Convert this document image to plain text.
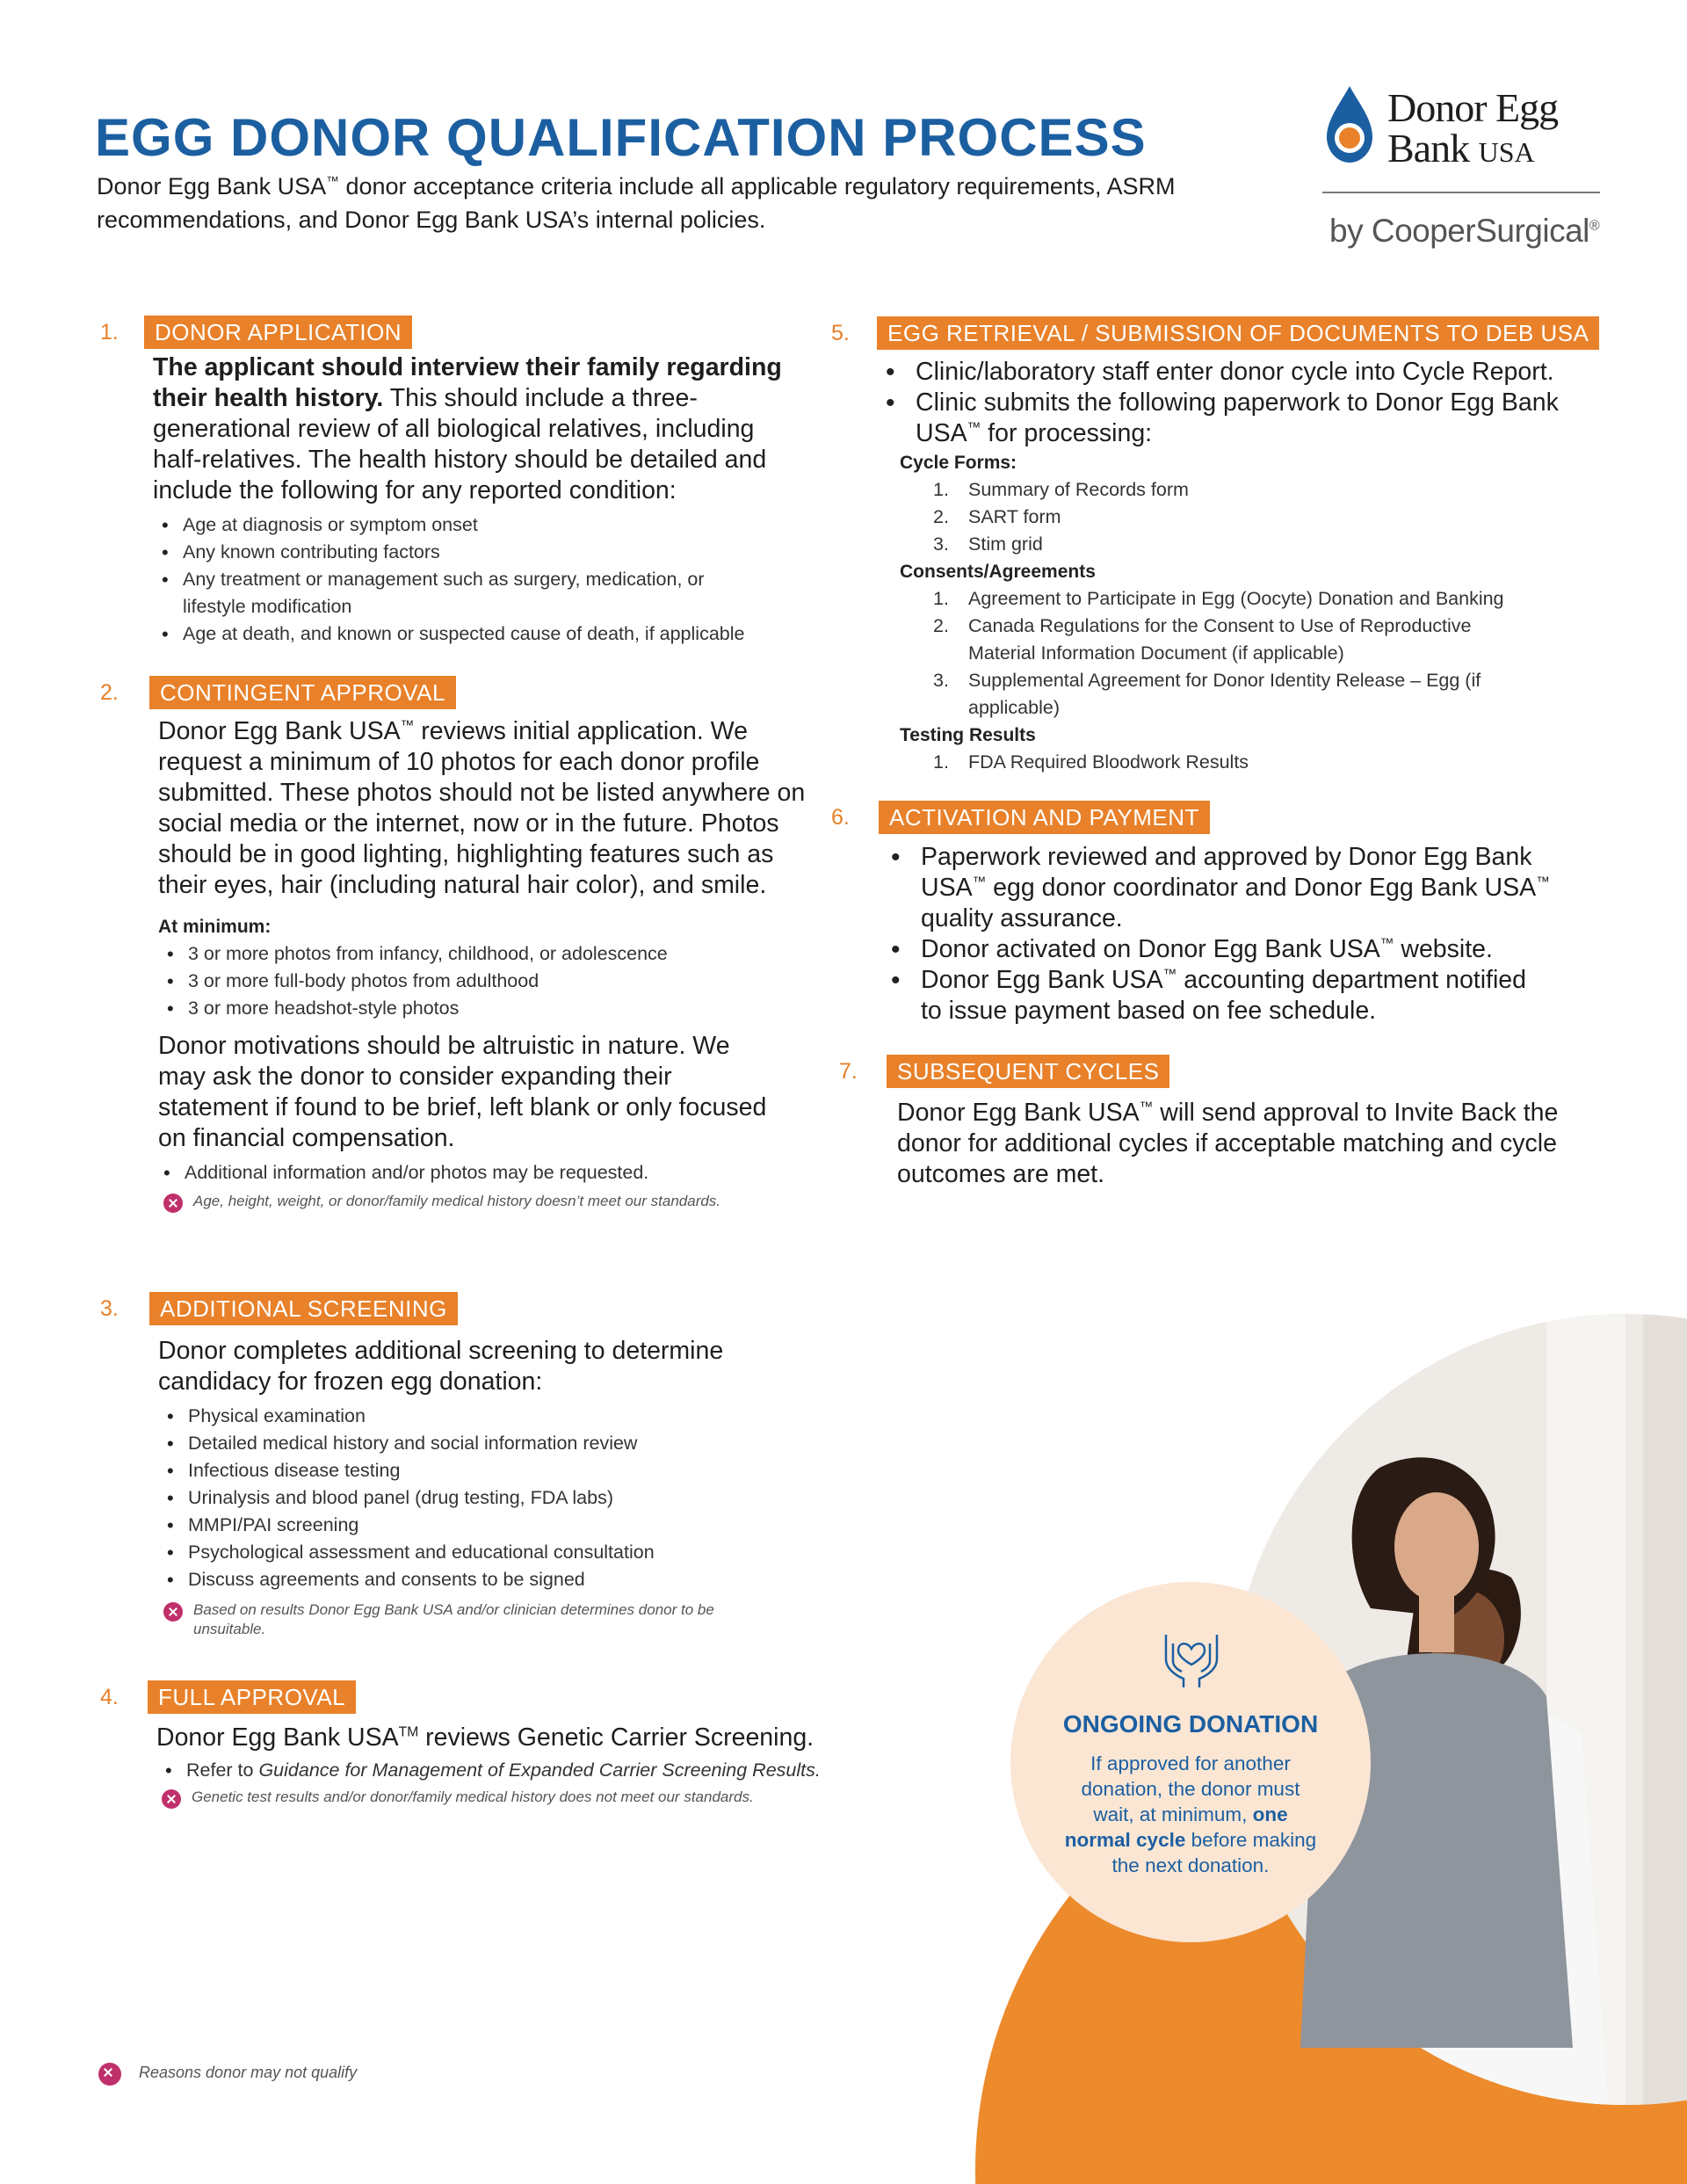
EGG DONOR QUALIFICATION PROCESS
Donor Egg Bank USA™ donor acceptance criteria include all applicable regulatory requirements, ASRM recommendations, and Donor Egg Bank USA’s internal policies.
Donor Egg
Bank USA
by CooperSurgical®
1.	DONOR APPLICATION

The applicant should interview their family regarding their health history. This should include a three-generational review of all biological relatives, including half-relatives. The health history should be detailed and include the following for any reported condition:

• Age at diagnosis or symptom onset
• Any known contributing factors
• Any treatment or management such as surgery, medication, or lifestyle modification
• Age at death, and known or suspected cause of death, if applicable
2.	CONTINGENT APPROVAL

Donor Egg Bank USA™ reviews initial application. We request a minimum of 10 photos for each donor profile submitted. These photos should not be listed anywhere on social media or the internet, now or in the future. Photos should be in good lighting, highlighting features such as their eyes, hair (including natural hair color), and smile.

At minimum:

• 3 or more photos from infancy, childhood, or adolescence
• 3 or more full-body photos from adulthood
• 3 or more headshot-style photos

Donor motivations should be altruistic in nature. We may ask the donor to consider expanding their statement if found to be brief, left blank or only focused on financial compensation.

• Additional information and/or photos may be requested.
Age, height, weight, or donor/family medical history doesn’t meet our standards.
3.	ADDITIONAL SCREENING

Donor completes additional screening to determine candidacy for frozen egg donation:

• Physical examination
• Detailed medical history and social information review
• Infectious disease testing
• Urinalysis and blood panel (drug testing, FDA labs)
• MMPI/PAI screening
• Psychological assessment and educational consultation
• Discuss agreements and consents to be signed
Based on results Donor Egg Bank USA and/or clinician determines donor to be unsuitable.
4.	FULL APPROVAL

Donor Egg Bank USA™ reviews Genetic Carrier Screening.

• Refer to Guidance for Management of Expanded Carrier Screening Results.
Genetic test results and/or donor/family medical history does not meet our standards.
5.	EGG RETRIEVAL / SUBMISSION OF DOCUMENTS TO DEB USA
• Clinic/laboratory staff enter donor cycle into Cycle Report.
• Clinic submits the following paperwork to Donor Egg Bank USA™ for processing:

Cycle Forms:

1. Summary of Records form
2. SART form
3. Stim grid

Consents/Agreements

1. Agreement to Participate in Egg (Oocyte) Donation and Banking
2. Canada Regulations for the Consent to Use of Reproductive Material Information Document (if applicable)
3. Supplemental Agreement for Donor Identity Release – Egg (if applicable)

Testing Results

1. FDA Required Bloodwork Results
6.	ACTIVATION AND PAYMENT
• Paperwork reviewed and approved by Donor Egg Bank USA™ egg donor coordinator and Donor Egg Bank USA™ quality assurance.
• Donor activated on Donor Egg Bank USA™ website.
• Donor Egg Bank USA™ accounting department notified to issue payment based on fee schedule.
7.	SUBSEQUENT CYCLES

Donor Egg Bank USA™ will send approval to Invite Back the donor for additional cycles if acceptable matching and cycle outcomes are met.

ONGOING DONATION
If approved for another donation, the donor must wait, at minimum, one normal cycle before making the next donation.
Reasons donor may not qualify
